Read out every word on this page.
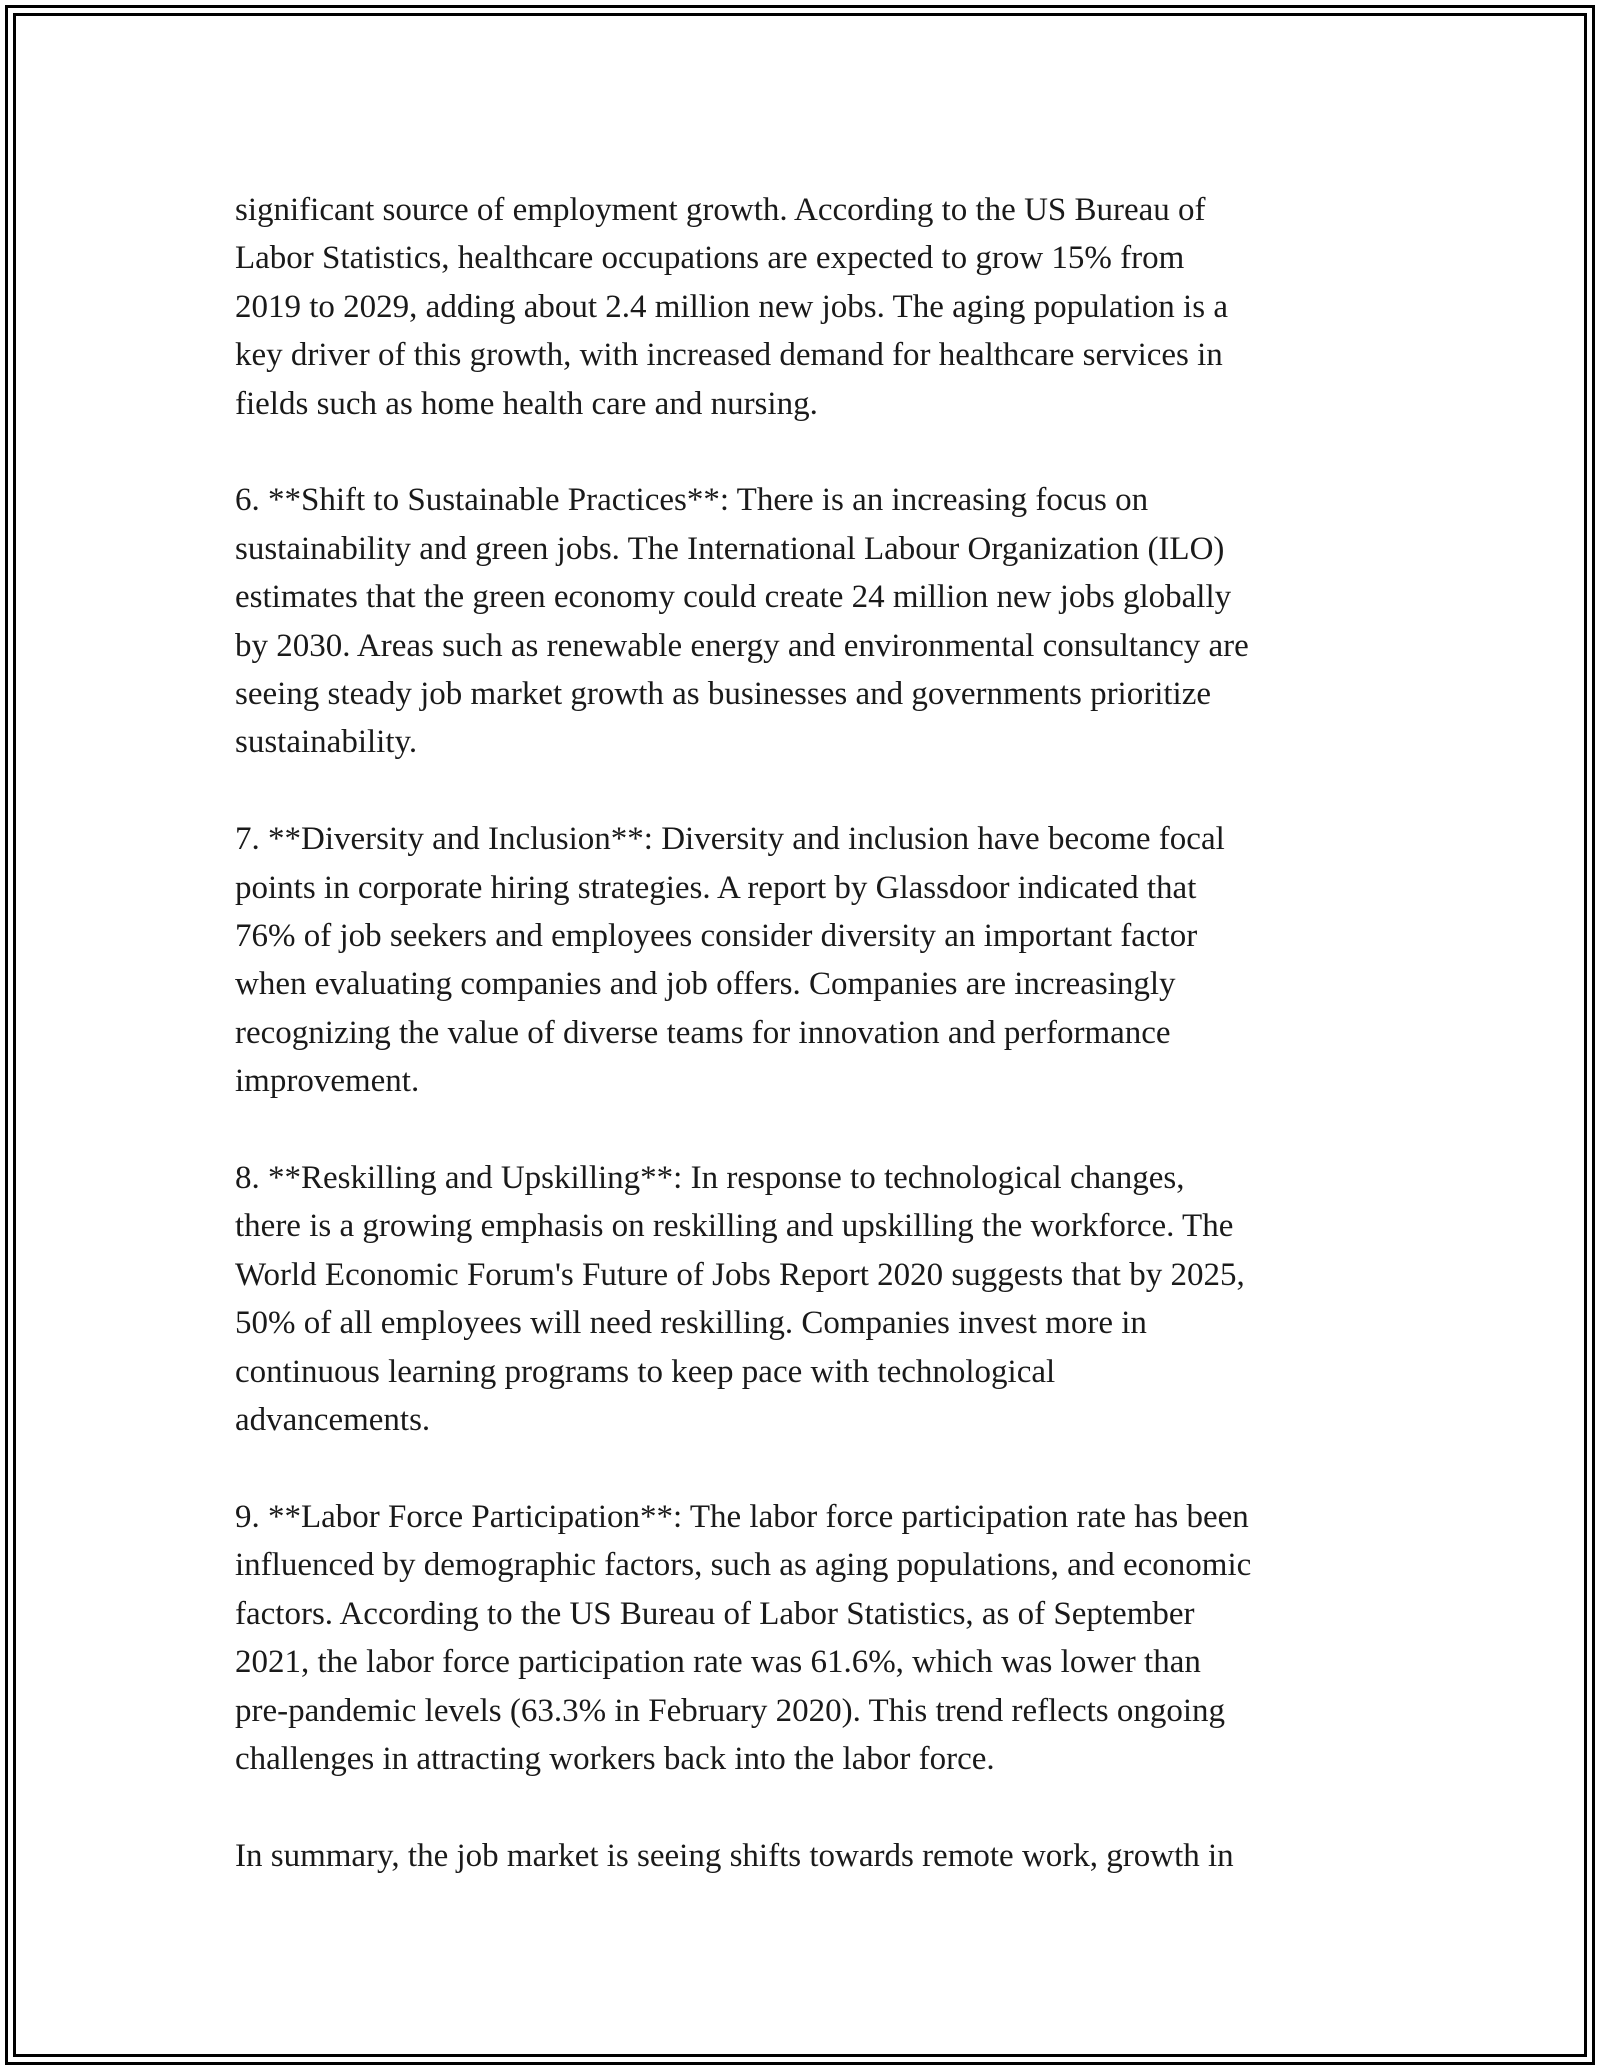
significant source of employment growth. According to the US Bureau of
Labor Statistics, healthcare occupations are expected to grow 15% from
2019 to 2029, adding about 2.4 million new jobs. The aging population is a
key driver of this growth, with increased demand for healthcare services in
fields such as home health care and nursing.

6. **Shift to Sustainable Practices**: There is an increasing focus on
sustainability and green jobs. The International Labour Organization (ILO)
estimates that the green economy could create 24 million new jobs globally
by 2030. Areas such as renewable energy and environmental consultancy are
seeing steady job market growth as businesses and governments prioritize
sustainability.

7. **Diversity and Inclusion**: Diversity and inclusion have become focal
points in corporate hiring strategies. A report by Glassdoor indicated that
76% of job seekers and employees consider diversity an important factor
when evaluating companies and job offers. Companies are increasingly
recognizing the value of diverse teams for innovation and performance
improvement.

8. **Reskilling and Upskilling**: In response to technological changes,
there is a growing emphasis on reskilling and upskilling the workforce. The
World Economic Forum's Future of Jobs Report 2020 suggests that by 2025,
50% of all employees will need reskilling. Companies invest more in
continuous learning programs to keep pace with technological
advancements.

9. **Labor Force Participation**: The labor force participation rate has been
influenced by demographic factors, such as aging populations, and economic
factors. According to the US Bureau of Labor Statistics, as of September
2021, the labor force participation rate was 61.6%, which was lower than
pre-pandemic levels (63.3% in February 2020). This trend reflects ongoing
challenges in attracting workers back into the labor force.

In summary, the job market is seeing shifts towards remote work, growth in
